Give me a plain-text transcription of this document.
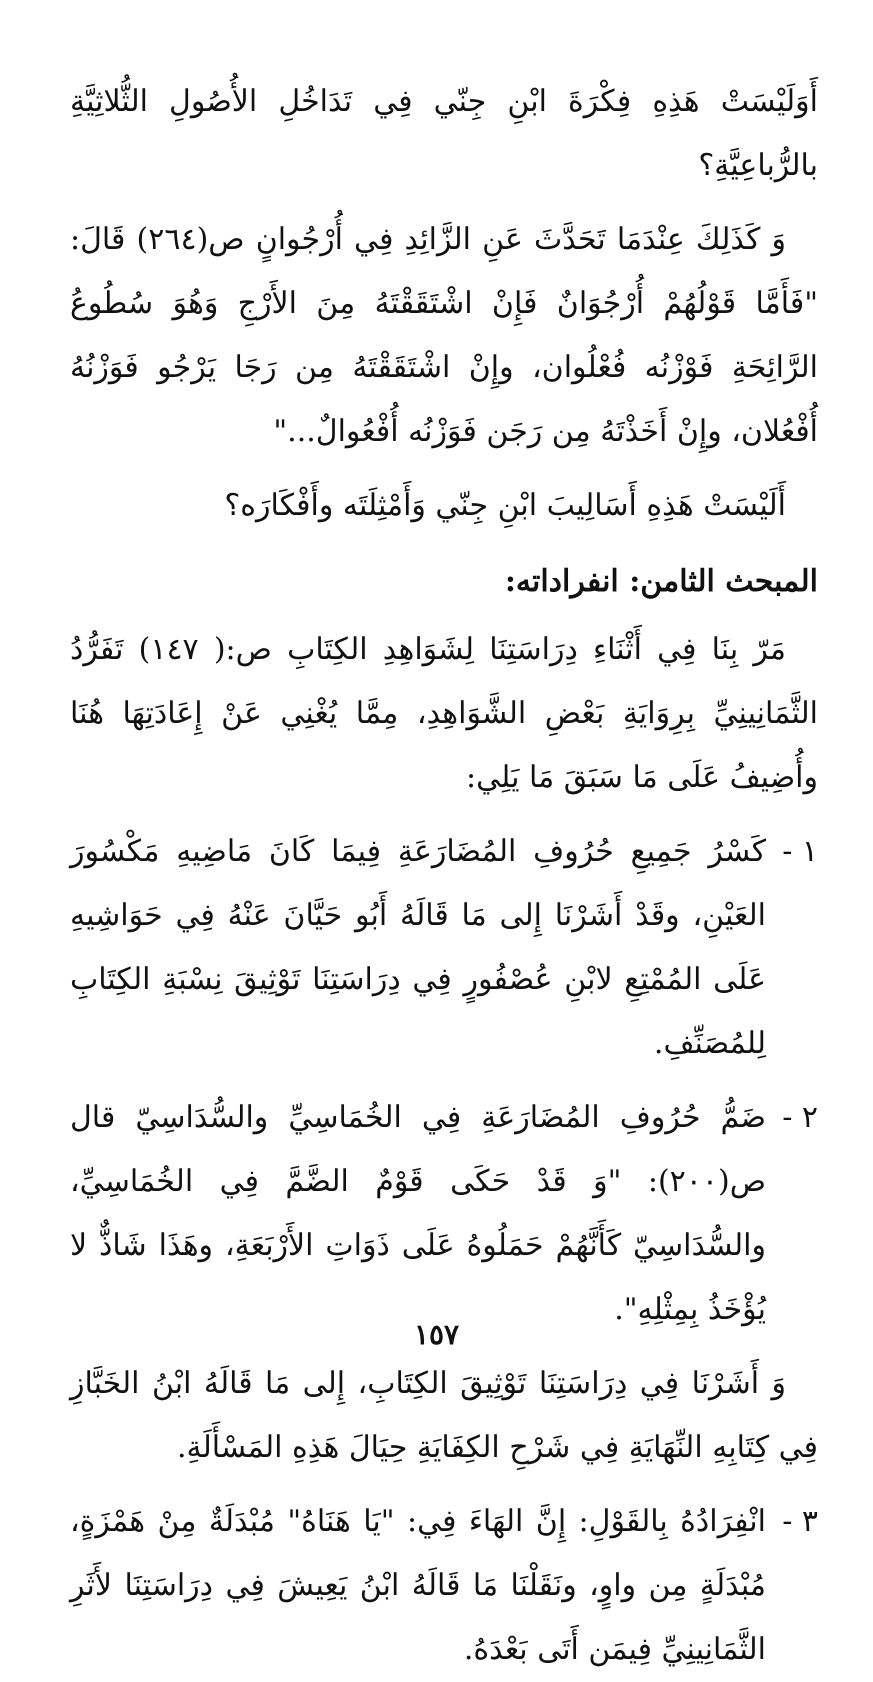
أَوَلَيْسَتْ هَذِهِ فِكْرَةَ ابْنِ جِنّي فِي تَدَاخُلِ الأُصُولِ الثُّلاثِيَّةِ بالرُّباعِيَّةِ؟

وَ كَذَلِكَ عِنْدَمَا تَحَدَّثَ عَنِ الزَّائِدِ فِي أُرْجُوانٍ ص(٢٦٤) قَالَ: "فَأَمَّا قَوْلُهُمْ أُرْجُوَانٌ فَإِنْ اشْتَقَقْتَهُ مِنَ الأَرْجِ وَهُوَ سُطُوعُ الرَّائِحَةِ فَوْزْنُه فُعْلُوان، وإِنْ اشْتَقَقْتَهُ مِن رَجَا يَرْجُو فَوَزْنُهُ أُفْعُلان، وإِنْ أَخَذْتَهُ مِن رَجَن فَوَزْنُه أُفْعُوالٌ..."

أَلَيْسَتْ هَذِهِ أَسَالِيبَ ابْنِ جِنّي وَأَمْثِلَتَه وأَفْكَارَه؟

المبحث الثامن: انفراداته:

مَرّ بِنَا فِي أَثْنَاءِ دِرَاسَتِنَا لِشَوَاهِدِ الكِتَابِ ص:( ١٤٧) تَفَرُّدُ الثَّمَانِينِيِّ بِرِوَايَةِ بَعْضِ الشَّوَاهِدِ، مِمَّا يُغْنِي عَنْ إِعَادَتِهَا هُنَا وأُضِيفُ عَلَى مَا سَبَقَ مَا يَلِي:

١ -
كَسْرُ جَمِيعِ حُرُوفِ المُضَارَعَةِ فِيمَا كَانَ مَاضِيهِ مَكْسُورَ العَيْنِ، وقَدْ أَشَرْنَا إِلى مَا قَالَهُ أَبُو حَيَّانَ عَنْهُ فِي حَوَاشِيهِ عَلَى المُمْتِعِ لابْنِ عُصْفُورٍ فِي دِرَاسَتِنَا تَوْثِيقَ نِسْبَةِ الكِتَابِ لِلمُصَنِّفِ.
٢ -
ضَمُّ حُرُوفِ المُضَارَعَةِ فِي الخُمَاسِيِّ والسُّدَاسِيّ قال ص(٢٠٠): "وَ قَدْ حَكَى قَوْمٌ الضَّمَّ فِي الخُمَاسِيِّ، والسُّدَاسِيّ كَأَنَّهُمْ حَمَلُوهُ عَلَى ذَوَاتِ الأَرْبَعَةِ، وهَذَا شَاذٌّ لا يُؤْخَذُ بِمِثْلِهِ".

وَ أَشَرْنَا فِي دِرَاسَتِنَا تَوْثِيقَ الكِتَابِ، إِلى مَا قَالَهُ ابْنُ الخَبَّازِ فِي كِتَابِهِ النِّهَايَةِ فِي شَرْحِ الكِفَايَةِ حِيَالَ هَذِهِ المَسْأَلَةِ.

٣ -
انْفِرَادُهُ بِالقَوْلِ: إِنَّ الهَاءَ فِي: "يَا هَنَاهُ" مُبْدَلَةٌ مِنْ هَمْزَةٍ، مُبْدَلَةٍ مِن واوٍ، ونَقَلْنَا مَا قَالَهُ ابْنُ يَعِيشَ فِي دِرَاسَتِنَا لأَثَرِ الثَّمَانِينِيِّ فِيمَن أَتَى بَعْدَهُ.
١٥٧
